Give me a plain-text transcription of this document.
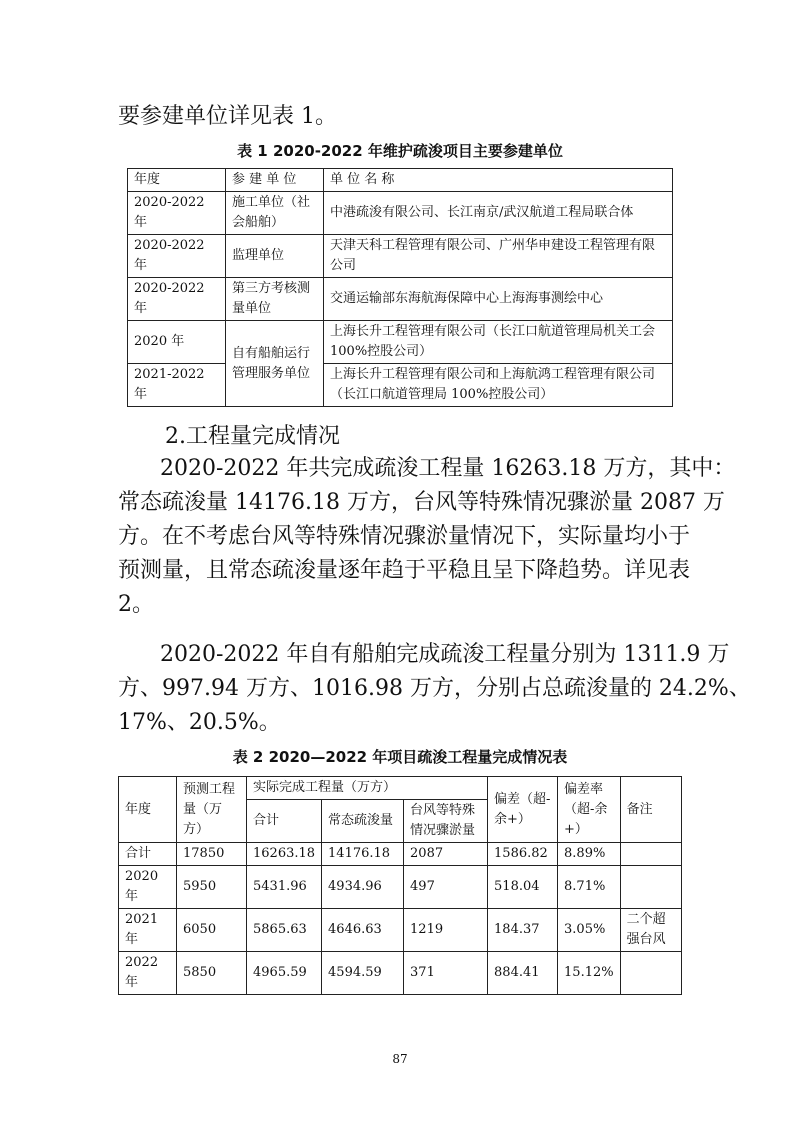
要参建单位详见表 1。

表 1 2020-2022 年维护疏浚项目主要参建单位
年度	参 建 单 位	单 位 名 称
2020-2022 年	施工单位（社会船舶）	中港疏浚有限公司、长江南京/武汉航道工程局联合体
2020-2022 年	监理单位	天津天科工程管理有限公司、广州华申建设工程管理有限公司
2020-2022 年	第三方考核测量单位	交通运输部东海航海保障中心上海海事测绘中心
2020 年	自有船舶运行管理服务单位	上海长升工程管理有限公司（长江口航道管理局机关工会 100%控股公司）
2021-2022 年		上海长升工程管理有限公司和上海航鸿工程管理有限公司（长江口航道管理局 100%控股公司）

2.工程量完成情况

2020-2022 年共完成疏浚工程量 16263.18 万方，其中：

常态疏浚量 14176.18 万方，台风等特殊情况骤淤量 2087 万

方。在不考虑台风等特殊情况骤淤量情况下，实际量均小于

预测量，且常态疏浚量逐年趋于平稳且呈下降趋势。详见表

2。

2020-2022 年自有船舶完成疏浚工程量分别为 1311.9 万

方、997.94 万方、1016.98 万方，分别占总疏浚量的 24.2%、

17%、20.5%。

表 2 2020—2022 年项目疏浚工程量完成情况表
年度	预测工程量（万方）	实际完成工程量（万方）			偏差（超-余+）	偏差率（超-余+）	备注
		合计	常态疏浚量	台风等特殊情况骤淤量			
合计	17850	16263.18	14176.18	2087	1586.82	8.89%	
2020 年	5950	5431.96	4934.96	497	518.04	8.71%	
2021 年	6050	5865.63	4646.63	1219	184.37	3.05%	二个超强台风
2022 年	5850	4965.59	4594.59	371	884.41	15.12%	
87
